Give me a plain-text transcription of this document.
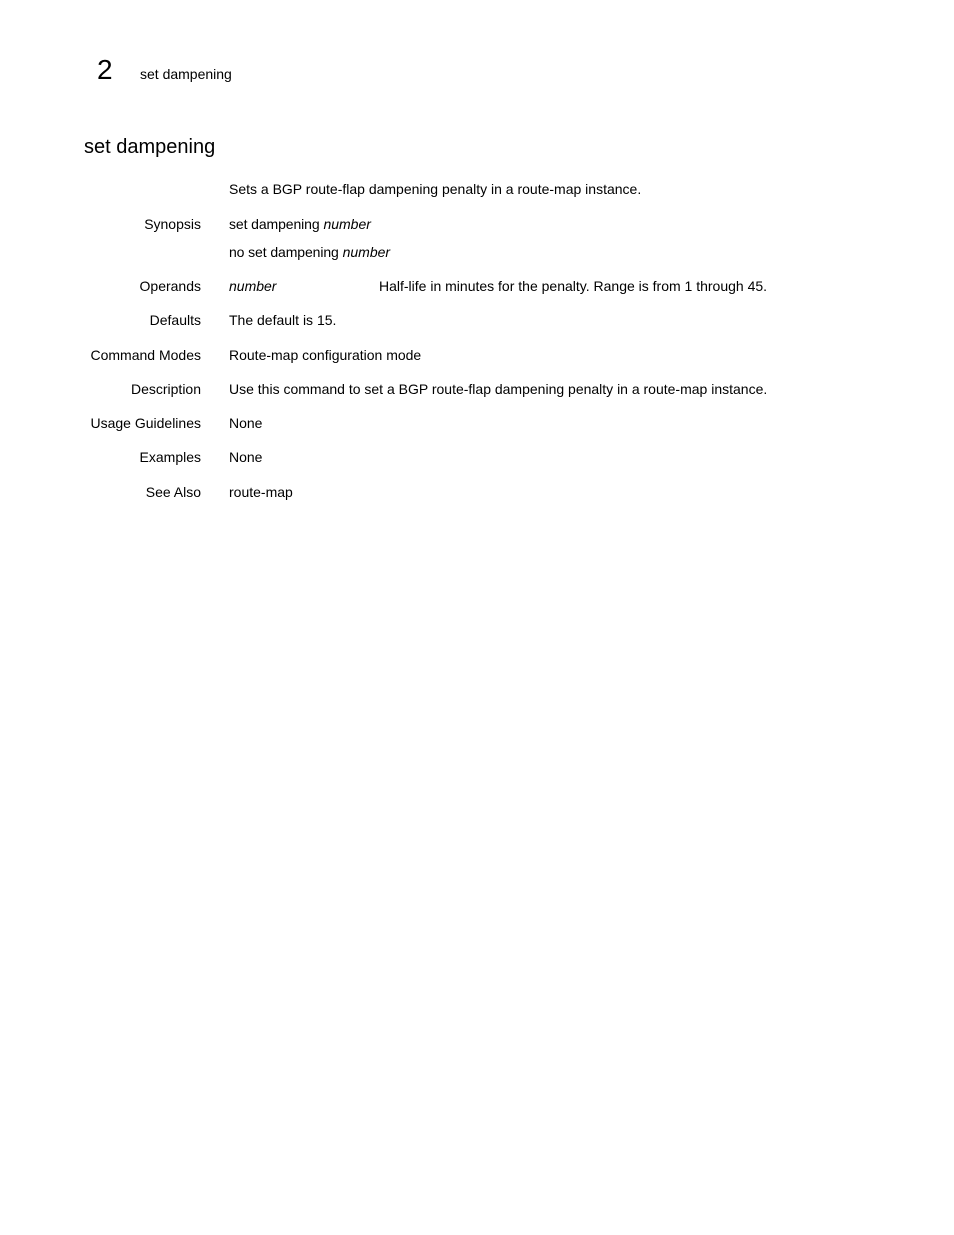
2 set dampening
set dampening
Sets a BGP route-flap dampening penalty in a route-map instance.
Synopsis set dampening number
no set dampening number
Operands number	Half-life in minutes for the penalty. Range is from 1 through 45.
Defaults The default is 15.
Command Modes Route-map configuration mode
Description Use this command to set a BGP route-flap dampening penalty in a route-map instance.
Usage Guidelines None
Examples None
See Also route-map
